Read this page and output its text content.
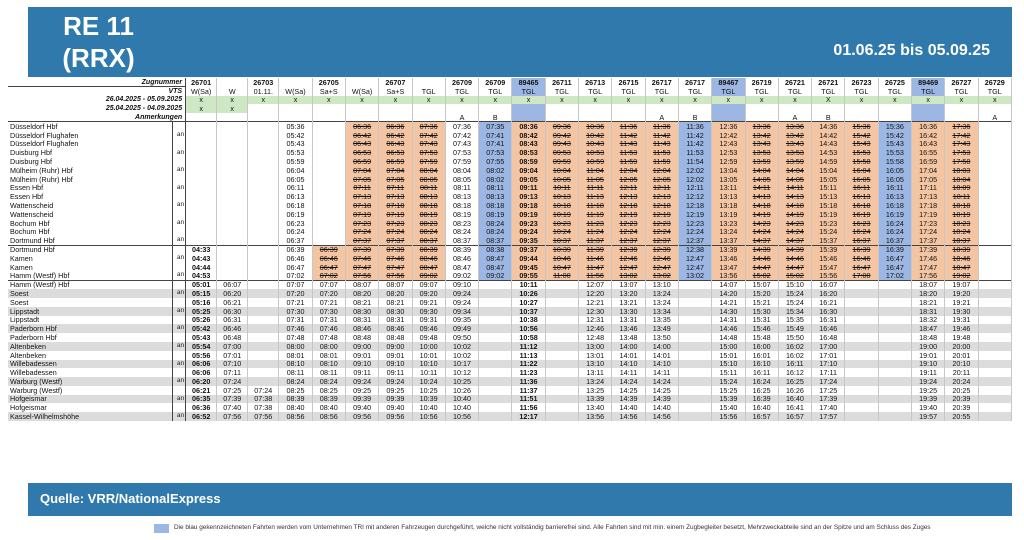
RE 11
(RRX)	01.06.25 bis 05.09.25
Zugnummer		26701		26703		26705		26707		26709	26709	89465	26711	26713	26715	26717	26717	89467	26719	26721	26721	26723	26725	89469	26727	26729
VTS		W(Sa)	W	01.11.	W(Sa)	Sa+S	W(Sa)	Sa+S	TGL	TGL	TGL	TGL	TGL	TGL	TGL	TGL	TGL	TGL	TGL	TGL	TGL	TGL	TGL	TGL	TGL	TGL
26.04.2025 - 05.09.2025		x	x	x	x	x	x	x	x	x	x	x	x	x	x	x	x	x	x	x	X	x	x	x	x	x
25.04.2025 - 04.09.2025		x	x																							
Anmerkungen										A	B					A	B			A	B					A
Düsseldorf Hbf					05:36		06:36	06:36	07:36	07:36	07:35	08:36	09:36	10:36	11:36	11:36	11:36	12:36	13:36	13:36	14:36	15:36	15:36	16:36	17:36	
Düsseldorf Flughafen	an				05:42		06:42	06:42	07:42	07:42	07:41	08:42	09:42	10:42	11:42	11:42	11:42	12:42	13:42	13:42	14:42	15:42	15:42	16:42	17:42	
Düsseldorf Flughafen					05:43		06:43	06:43	07:43	07:43	07:41	08:43	09:43	10:43	11:43	11:43	11:42	12:43	13:43	13:43	14:43	15:43	15:43	16:43	17:43	
Duisburg Hbf	an				05:53		06:53	06:53	07:53	07:53	07:53	08:53	09:53	10:53	11:53	11:53	11:53	12:53	13:53	13:53	14:53	15:53	15:53	16:55	17:53	
Duisburg Hbf					05:59		06:59	06:59	07:59	07:59	07:55	08:59	09:59	10:59	11:59	11:59	11:54	12:59	13:59	13:59	14:59	15:58	15:58	16:59	17:58	
Mülheim (Ruhr) Hbf	an				06:04		07:04	07:04	08:04	08:04	08:02	09:04	10:04	11:04	12:04	12:04	12:02	13:04	14:04	14:04	15:04	16:04	16:05	17:04	18:03	
Mülheim (Ruhr) Hbf					06:05		07:05	07:05	08:05	08:05	08:02	09:05	10:05	11:05	12:05	12:05	12:02	13:05	14:05	14:05	15:05	16:05	16:05	17:05	18:04	
Essen Hbf	an				06:11		07:11	07:11	08:11	08:11	08:11	09:11	10:11	11:11	12:11	12:11	12:11	13:11	14:11	14:11	15:11	16:11	16:11	17:11	18:09	
Essen Hbf					06:13		07:13	07:13	08:13	08:13	08:13	09:13	10:13	11:13	12:13	12:13	12:12	13:13	14:13	14:13	15:13	16:13	16:13	17:13	18:11	
Wattenscheid	an				06:18		07:18	07:18	08:18	08:18	08:18	09:18	10:18	11:18	12:18	12:18	12:18	13:18	14:18	14:18	15:18	16:18	16:18	17:18	18:18	
Wattenscheid					06:19		07:19	07:19	08:19	08:19	08:19	09:19	10:19	11:19	12:19	12:19	12:19	13:19	14:19	14:19	15:19	16:19	16:19	17:19	18:19	
Bochum Hbf	an				06:23		07:23	07:23	08:23	08:23	08:24	09:23	10:23	11:23	12:23	12:23	12:23	13:23	14:23	14:23	15:23	16:23	16:24	17:23	18:23	
Bochum Hbf					06:24		07:24	07:24	08:24	08:24	08:24	09:24	10:24	11:24	12:24	12:24	12:24	13:24	14:24	14:24	15:24	16:24	16:24	17:24	18:24	
Dortmund Hbf	an				06:37		07:37	07:37	08:37	08:37	08:37	09:35	10:37	11:37	12:37	12:37	12:37	13:37	14:37	14:37	15:37	16:37	16:37	17:37	18:37	
Dortmund Hbf		04:33			06:39	06:39	07:39	07:39	08:39	08:39	08:38	09:37	10:39	11:39	12:39	12:39	12:38	13:39	14:39	14:39	15:39	16:39	16:39	17:39	18:39	
Kamen	an	04:43			06:46	06:46	07:46	07:46	08:46	08:46	08:47	09:44	10:46	11:46	12:46	12:46	12:47	13:46	14:46	14:46	15:46	16:46	16:47	17:46	18:46	
Kamen		04:44			06:47	06:47	07:47	07:47	08:47	08:47	08:47	09:45	10:47	11:47	12:47	12:47	12:47	13:47	14:47	14:47	15:47	16:47	16:47	17:47	18:47	
Hamm (Westf) Hbf	an	04:53			07:02	07:02	07:56	07:56	09:02	09:02	09:02	09:55	11:00	11:56	13:02	13:02	13:02	13:56	15:02	15:02	15:56	17:00	17:02	17:56	19:02	
Hamm (Westf) Hbf		05:01	06:07		07:07	07:07	08:07	08:07	09:07	09:10		10:11		12:07	13:07	13:10		14:07	15:07	15:10	16:07			18:07	19:07	
Soest	an	05:15	06:20		07:20	07:20	08:20	08:20	09:20	09:24		10:26		12:20	13:20	13:24		14:20	15:20	15:24	16:20			18:20	19:20	
Soest		05:16	06:21		07:21	07:21	08:21	08:21	09:21	09:24		10:27		12:21	13:21	13:24		14:21	15:21	15:24	16:21			18:21	19:21	
Lippstadt	an	05:25	06:30		07:30	07:30	08:30	08:30	09:30	09:34		10:37		12:30	13:30	13:34		14:30	15:30	15:34	16:30			18:31	19:30	
Lippstadt		05:26	06:31		07:31	07:31	08:31	08:31	09:31	09:35		10:38		12:31	13:31	13:35		14:31	15:31	15:35	16:31			18:32	19:31	
Paderborn Hbf	an	05:42	06:46		07:46	07:46	08:46	08:46	09:46	09:49		10:56		12:46	13:46	13:49		14:46	15:46	15:49	16:46			18:47	19:46	
Paderborn Hbf		05:43	06:48		07:48	07:48	08:48	08:48	09:48	09:50		10:58		12:48	13:48	13:50		14:48	15:48	15:50	16:48			18:48	19:48	
Altenbeken	an	05:54	07:00		08:00	08:00	09:00	09:00	10:00	10:02		11:12		13:00	14:00	14:00		15:00	16:00	16:02	17:00			19:00	20:00	
Altenbeken		05:56	07:01		08:01	08:01	09:01	09:01	10:01	10:02		11:13		13:01	14:01	14:01		15:01	16:01	16:02	17:01			19:01	20:01	
Willebadessen	an	06:06	07:10		08:10	08:10	09:10	09:10	10:10	10:17		11:22		13:10	14:10	14:10		15:10	16:10	16:11	17:10			19:10	20:10	
Willebadessen		06:06	07:11		08:11	08:11	09:11	09:11	10:11	10:12		11:23		13:11	14:11	14:11		15:11	16:11	16:12	17:11			19:11	20:11	
Warburg (Westf)	an	06:20	07:24		08:24	08:24	09:24	09:24	10:24	10:25		11:36		13:24	14:24	14:24		15:24	16:24	16:25	17:24			19:24	20:24	
Warburg (Westf)		06:21	07:25	07:24	08:25	08:25	09:25	09:25	10:25	10:26		11:37		13:25	14:25	14:25		15:25	16:25	16:26	17:25			19:25	20:25	
Hofgeismar	an	06:35	07:39	07:38	08:39	08:39	09:39	09:39	10:39	10:40		11:51		13:39	14:39	14:39		15:39	16:39	16:40	17:39			19:39	20:39	
Hofgeismar		06:36	07:40	07:38	08:40	08:40	09:40	09:40	10:40	10:40		11:56		13:40	14:40	14:40		15:40	16:40	16:41	17:40			19:40	20:39	
Kassel-Wilhelmshöhe	an	06:52	07:56	07:56	08:56	08:56	09:56	09:56	10:56	10:56		12:17		13:56	14:56	14:56		15:56	16:57	16:57	17:57			19:57	20:55	
Quelle: VRR/NationalExpress
Die blau gekennzeichneten Fahrten werden vom Unternehmen TRI mit anderen Fahrzeugen durchgeführt, welche nicht vollständig barrierefrei sind. Alle Fahrten sind mit min. einem Zugbegleiter besetzt, Mehrzweckabteile sind an der Spitze und am Schluss des Zuges
